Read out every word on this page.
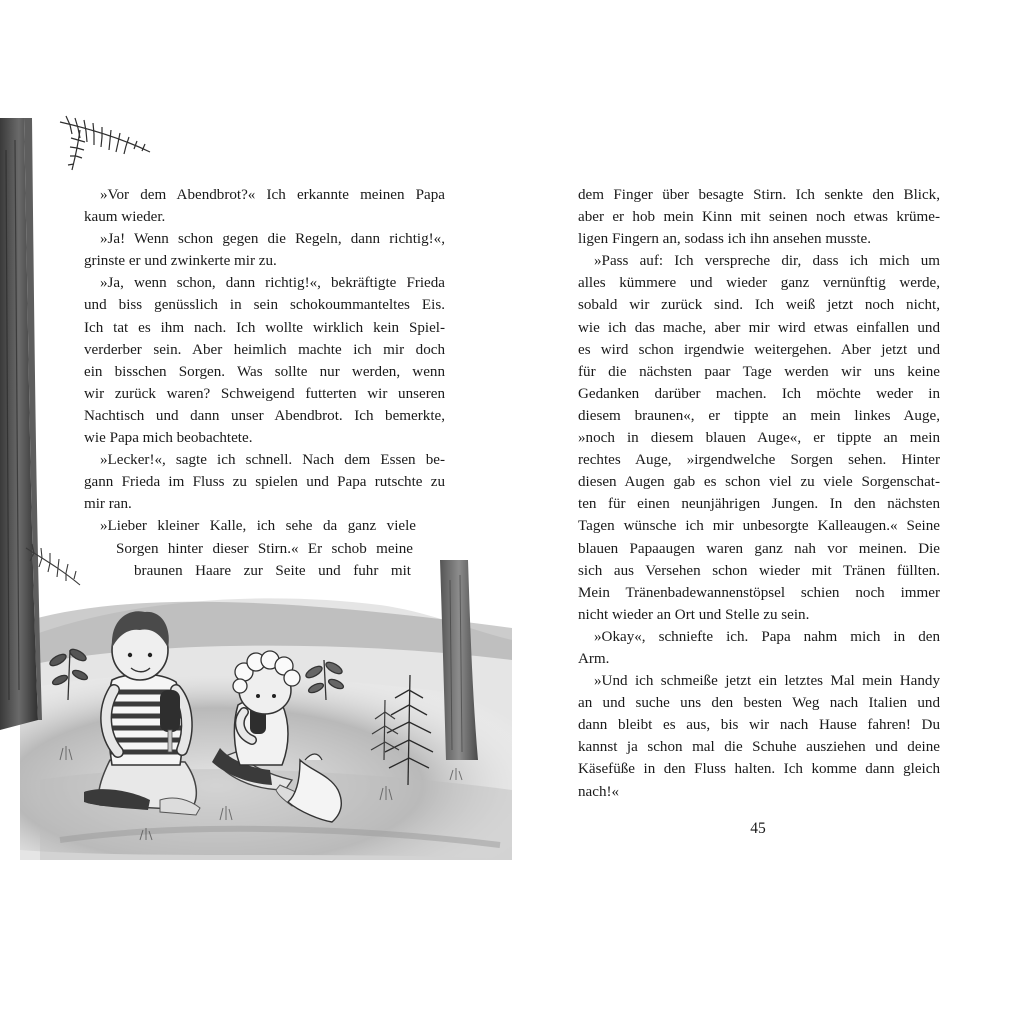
»Vor dem Abendbrot?« Ich erkannte meinen Papa
kaum wieder.
»Ja! Wenn schon gegen die Regeln, dann richtig!«,
grinste er und zwinkerte mir zu.
»Ja, wenn schon, dann richtig!«, bekräftigte Frieda
und biss genüsslich in sein schokoummanteltes Eis.
Ich tat es ihm nach. Ich wollte wirklich kein Spiel-
verderber sein. Aber heimlich machte ich mir doch
ein bisschen Sorgen. Was sollte nur werden, wenn
wir zurück waren? Schweigend futterten wir unseren
Nachtisch und dann unser Abendbrot. Ich bemerkte,
wie Papa mich beobachtete.
»Lecker!«, sagte ich schnell. Nach dem Essen be-
gann Frieda im Fluss zu spielen und Papa rutschte zu
mir ran.
»Lieber kleiner Kalle, ich sehe da ganz viele
Sorgen hinter dieser Stirn.« Er schob meine
braunen Haare zur Seite und fuhr mit
dem Finger über besagte Stirn. Ich senkte den Blick,
aber er hob mein Kinn mit seinen noch etwas krüme-
ligen Fingern an, sodass ich ihn ansehen musste.
»Pass auf: Ich verspreche dir, dass ich mich um
alles kümmere und wieder ganz vernünftig werde,
sobald wir zurück sind. Ich weiß jetzt noch nicht,
wie ich das mache, aber mir wird etwas einfallen und
es wird schon irgendwie weitergehen. Aber jetzt und
für die nächsten paar Tage werden wir uns keine
Gedanken darüber machen. Ich möchte weder in
diesem braunen«, er tippte an mein linkes Auge,
»noch in diesem blauen Auge«, er tippte an mein
rechtes Auge, »irgendwelche Sorgen sehen. Hinter
diesen Augen gab es schon viel zu viele Sorgenschat-
ten für einen neunjährigen Jungen. In den nächsten
Tagen wünsche ich mir unbesorgte Kalleaugen.« Seine
blauen Papaaugen waren ganz nah vor meinen. Die
sich aus Versehen schon wieder mit Tränen füllten.
Mein Tränenbadewannenstöpsel schien noch immer
nicht wieder an Ort und Stelle zu sein.
»Okay«, schniefte ich. Papa nahm mich in den
Arm.
»Und ich schmeiße jetzt ein letztes Mal mein Handy
an und suche uns den besten Weg nach Italien und
dann bleibt es aus, bis wir nach Hause fahren! Du
kannst ja schon mal die Schuhe ausziehen und deine
Käsefüße in den Fluss halten. Ich komme dann gleich
nach!«
45
